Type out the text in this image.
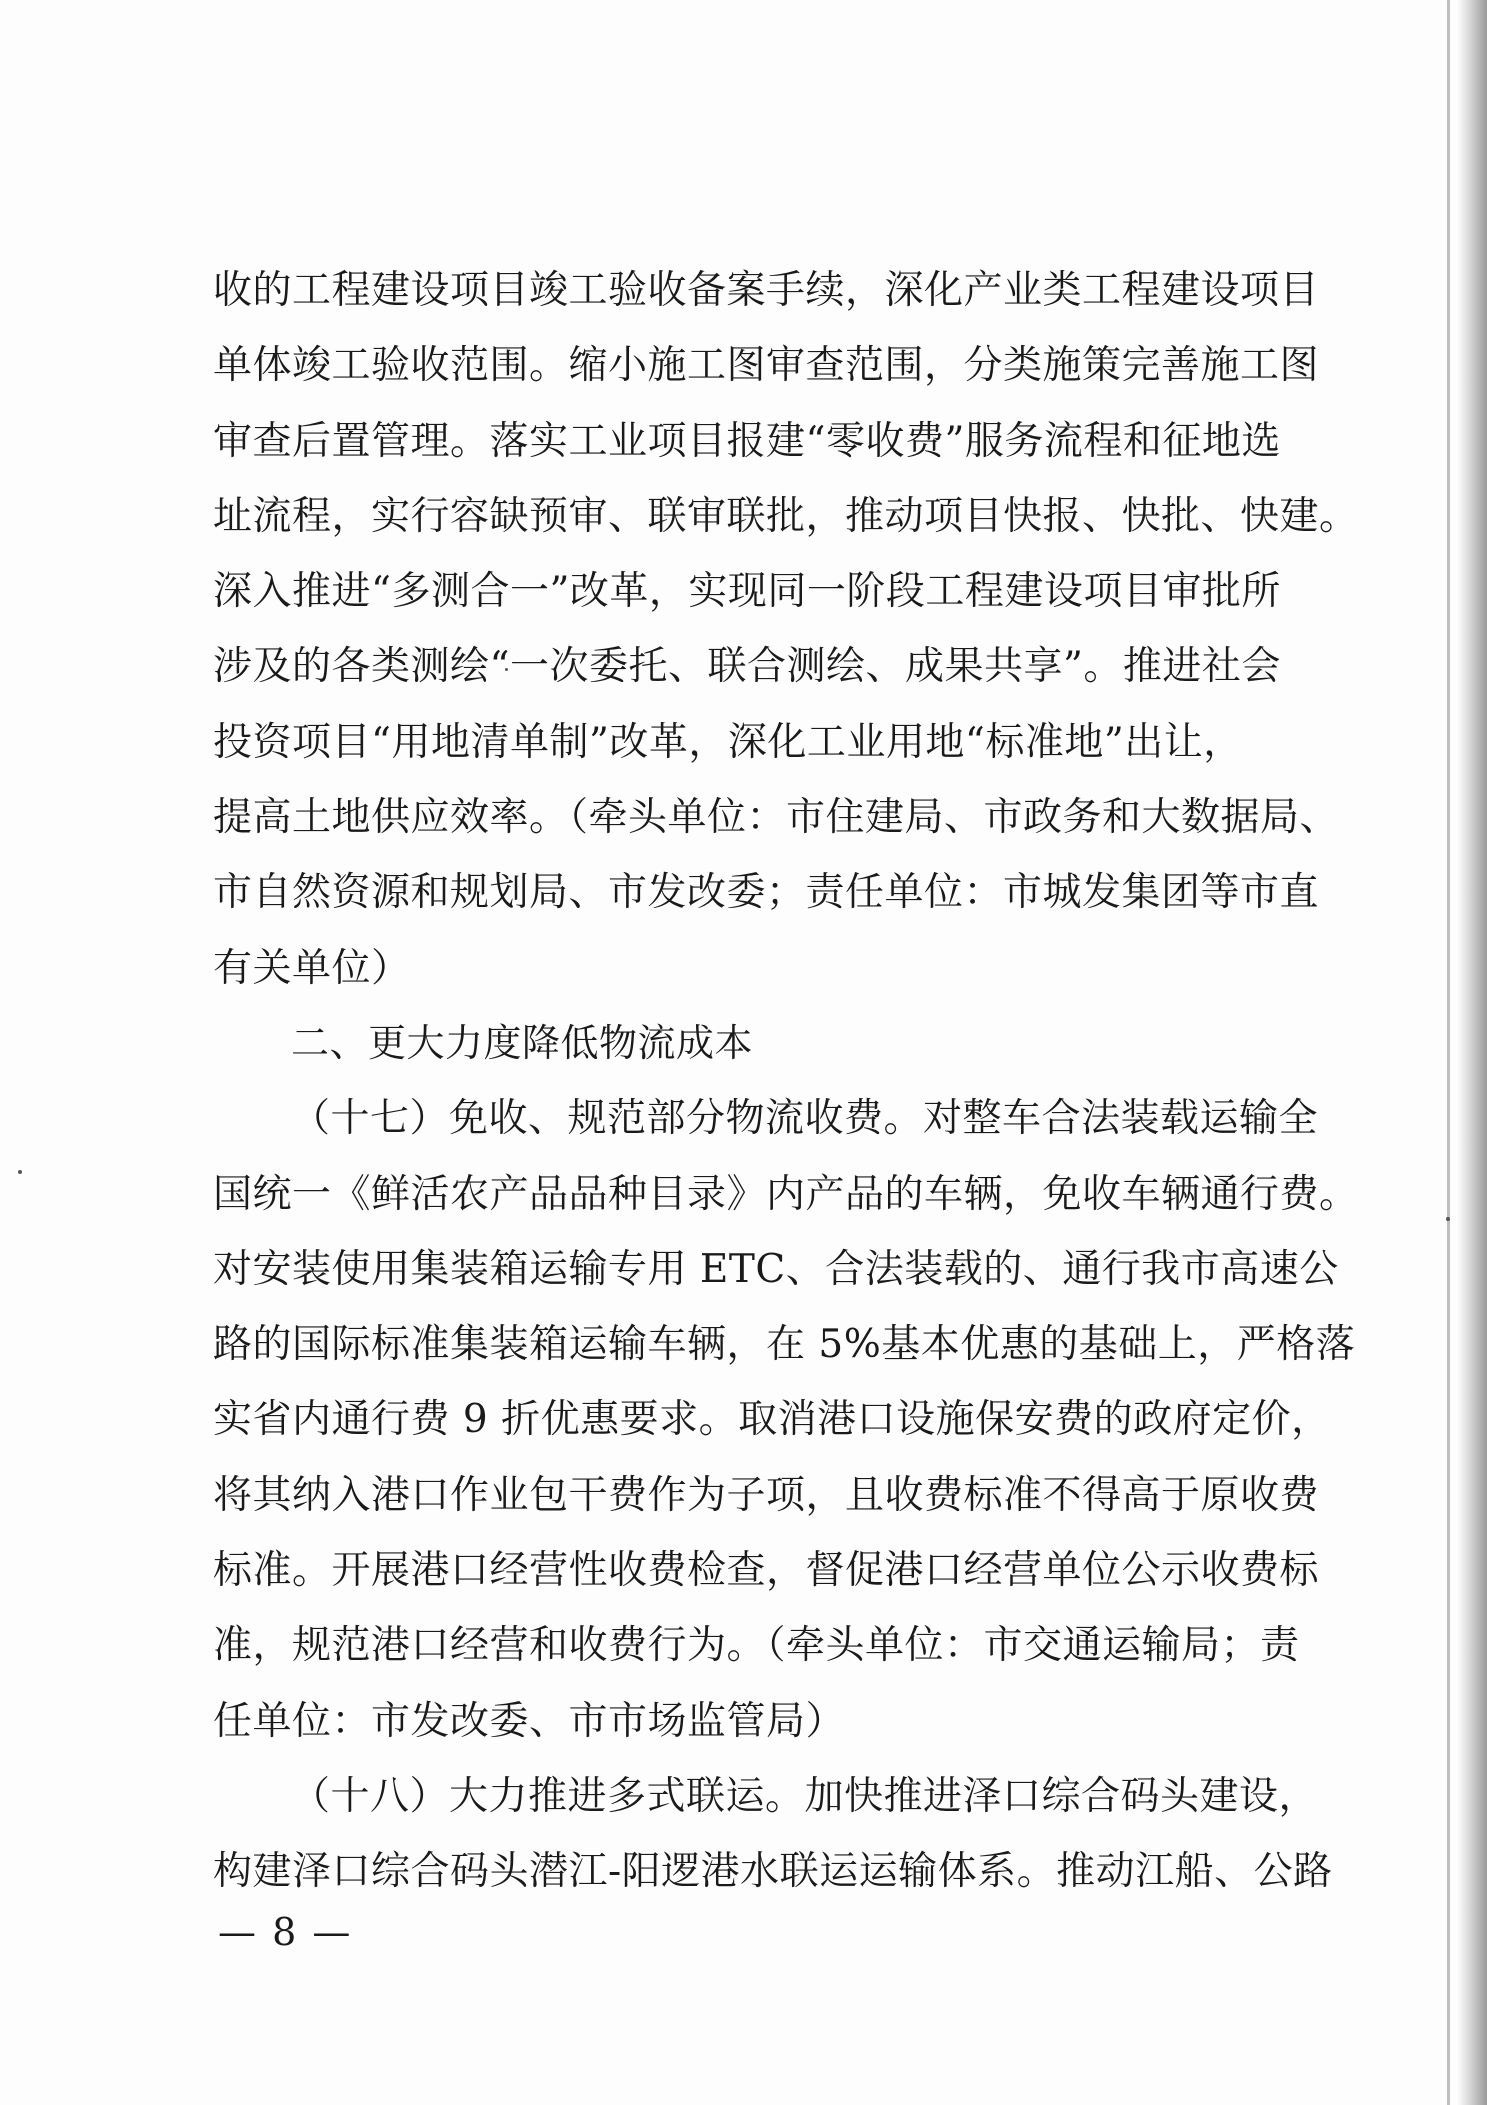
收的工程建设项目竣工验收备案手续，深化产业类工程建设项目
单体竣工验收范围。缩小施工图审查范围，分类施策完善施工图
审查后置管理。落实工业项目报建“零收费”服务流程和征地选
址流程，实行容缺预审、联审联批，推动项目快报、快批、快建。
深入推进“多测合一”改革，实现同一阶段工程建设项目审批所
涉及的各类测绘“一次委托、联合测绘、成果共享”。推进社会
投资项目“用地清单制”改革，深化工业用地“标准地”出让，
提高土地供应效率。（牵头单位：市住建局、市政务和大数据局、
市自然资源和规划局、市发改委；责任单位：市城发集团等市直
有关单位）
二、更大力度降低物流成本
（十七）免收、规范部分物流收费。对整车合法装载运输全
国统一《鲜活农产品品种目录》内产品的车辆，免收车辆通行费。
对安装使用集装箱运输专用 ETC、合法装载的、通行我市高速公
路的国际标准集装箱运输车辆，在 5%基本优惠的基础上，严格落
实省内通行费 9 折优惠要求。取消港口设施保安费的政府定价，
将其纳入港口作业包干费作为子项，且收费标准不得高于原收费
标准。开展港口经营性收费检查，督促港口经营单位公示收费标
准，规范港口经营和收费行为。（牵头单位：市交通运输局；责
任单位：市发改委、市市场监管局）
（十八）大力推进多式联运。加快推进泽口综合码头建设，
构建泽口综合码头潜江-阳逻港水联运运输体系。推动江船、公路
— 8 —
